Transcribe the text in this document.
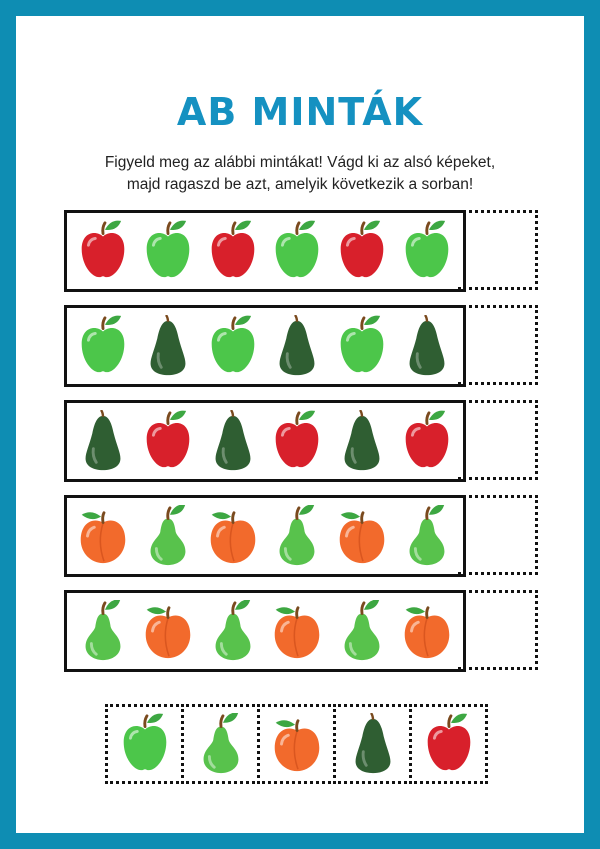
AB MINTÁK
Figyeld meg az alábbi mintákat! Vágd ki az alsó képeket,
majd ragaszd be azt, amelyik következik a sorban!
